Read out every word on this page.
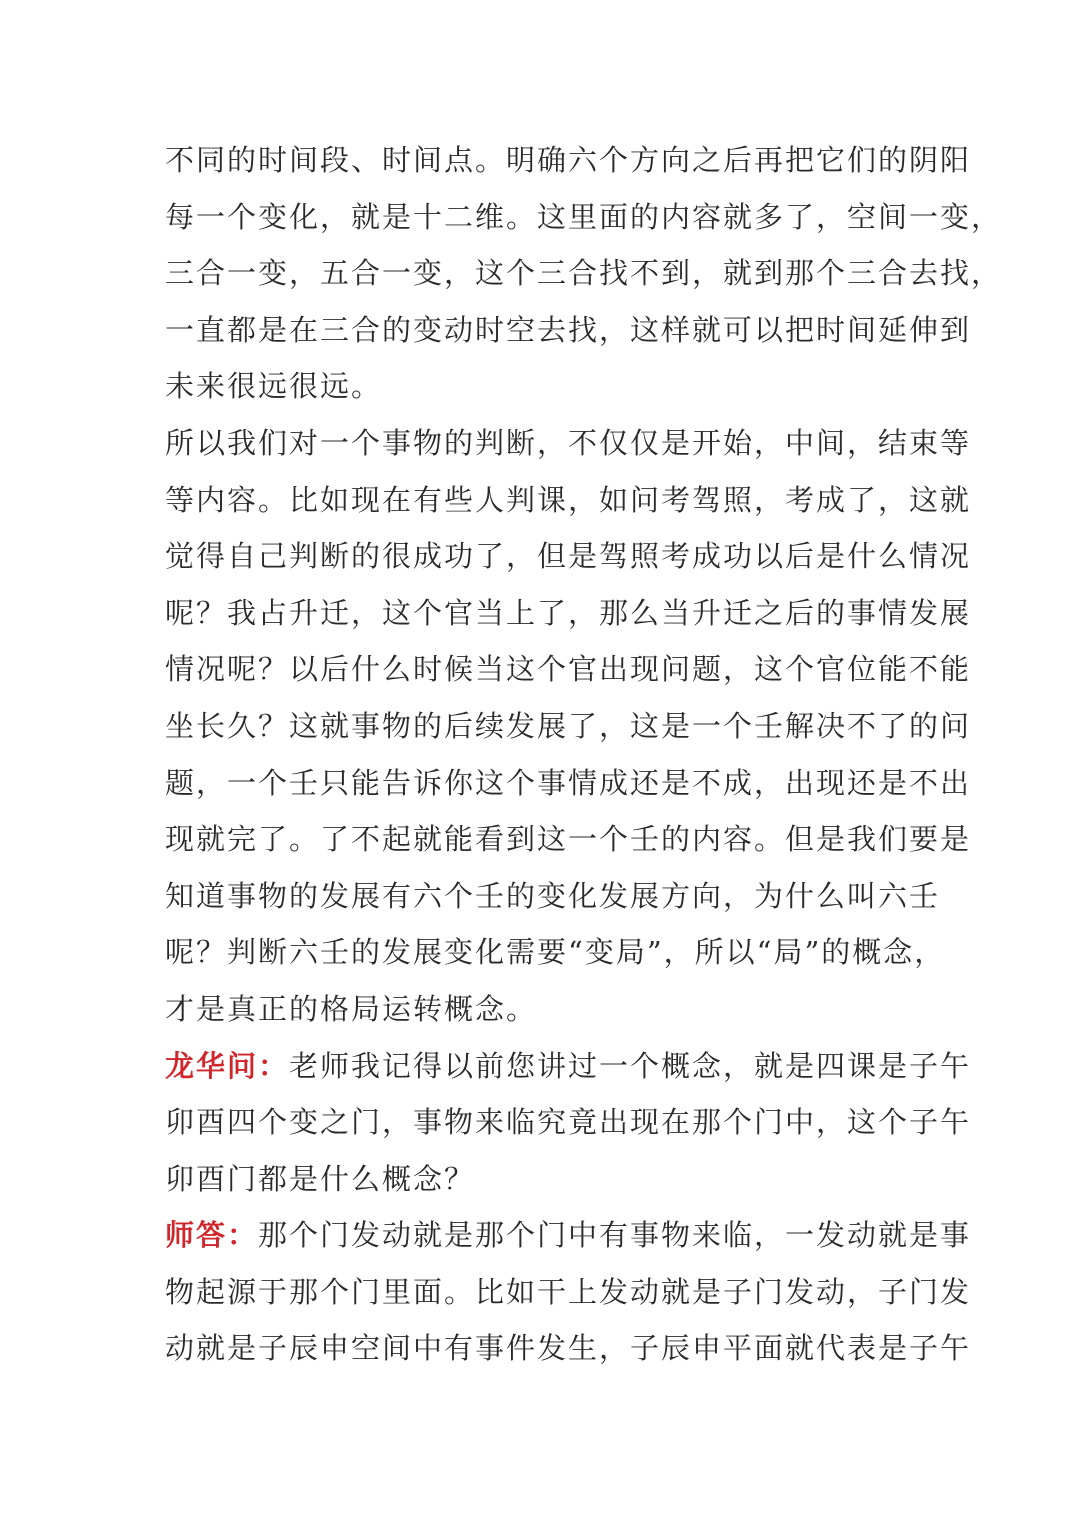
不同的时间段、时间点。明确六个方向之后再把它们的阴阳
每一个变化，就是十二维。这里面的内容就多了，空间一变，
三合一变，五合一变，这个三合找不到，就到那个三合去找，
一直都是在三合的变动时空去找，这样就可以把时间延伸到
未来很远很远。
所以我们对一个事物的判断，不仅仅是开始，中间，结束等
等内容。比如现在有些人判课，如问考驾照，考成了，这就
觉得自己判断的很成功了，但是驾照考成功以后是什么情况
呢？我占升迁，这个官当上了，那么当升迁之后的事情发展
情况呢？以后什么时候当这个官出现问题，这个官位能不能
坐长久？这就事物的后续发展了，这是一个壬解决不了的问
题，一个壬只能告诉你这个事情成还是不成，出现还是不出
现就完了。了不起就能看到这一个壬的内容。但是我们要是
知道事物的发展有六个壬的变化发展方向，为什么叫六壬
呢？判断六壬的发展变化需要“变局”，所以“局”的概念，
才是真正的格局运转概念。
龙华问：老师我记得以前您讲过一个概念，就是四课是子午
卯酉四个变之门，事物来临究竟出现在那个门中，这个子午
卯酉门都是什么概念？
师答：那个门发动就是那个门中有事物来临，一发动就是事
物起源于那个门里面。比如干上发动就是子门发动，子门发
动就是子辰申空间中有事件发生，子辰申平面就代表是子午
